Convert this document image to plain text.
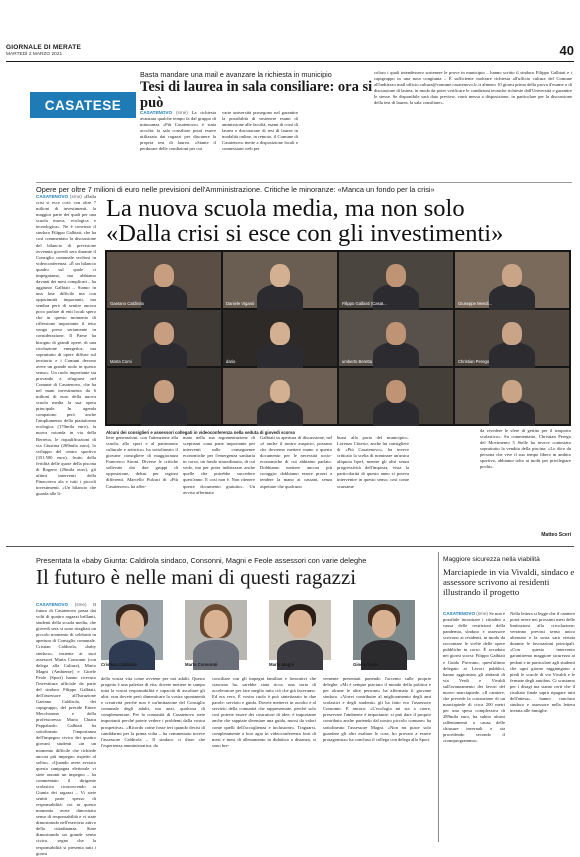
GIORNALE DI MERATE
MARTEDÌ 2 MARZO 2021	40
CASATESE
Basta mandare una mail e avanzare la richiesta in municipio
Tesi di laurea in sala consiliare: ora si può
CASATENOVO (sme) La richiesta avanzata qualche tempo fa dal gruppo di minoranza «Più Casatenovo» è stata accolta: la sala consiliare potrà essere utilizzata dai ragazzi per discutere la propria tesi di laurea. «Stante il perdurare delle condizioni per cui
varie università prosegono nel garantire la possibilità di sostenere esami di ammissione alle facoltà, esami di corsi di laurea e discussione di tesi di laurea in modalità online, in remoto, il Comune di Casatenovo mette a disposizione locali e connessioni web per
coloro i quali intendessero sostenere le prove in municipio – hanno scritto il sindaco Filippo Galbiati e i capigruppo in una nota congiunta – È sufficiente inoltrare richiesta all'ufficio cultura del Comune all'indirizzo mail ufficio.cultura@comune.casatenovo.lc.it almeno 10 giorni prima della prova d'esame o di discussione di laurea, in modo da poter verificare le condizioni tecniche richieste dall'Università e garantire le stesse. Se disponibile sarà dato preview, varrà messa a disposizione, in particolare per la discussione della tesi di laurea, la sala consiliare».
Opere per oltre 7 milioni di euro nelle previsioni dell'Amministrazione. Critiche le minoranze: «Manca un fondo per la crisi»
CASATENOVO (sme) «Dalla crisi si esce così: con oltre 7 milioni di investimenti, la maggior parte dei quali per una scuola nuova, ecologica e tecnologica». Ne è convinto il sindaco Filippo Galbiati, che ha così commentato la discussione del bilancio di previsione avvenuta giovedì sera durante il Consiglio comunale svoltosi in videoconferenza. «È un bilancio quadro sul quale ci impegniamo, ma abbiamo davanti dei mesi complicati – ha aggiunto Galbiati – Siamo in una fase difficile ma con opportunità importanti, ma sembra però di sentire ancora poco parlare di enti locali spero che in questo momento di riflessione importante il tetto venga preso seriamente in considerazione. Il Paese ha bisogno di grandi opere, di una rivoluzione energetica, ma soprattutto di opere diffuse sul territorio e i Comuni devono avere un grande ruolo in questo senso». Un ruolo importante sia provando a rifugiarsi nel Comune di Casatenovo, che ha nel mani investimento da 6 milioni di euro della nuova scuola media la sua opera principale. In agenda compaiono però anche l'ampliamento della piattaforma ecologica (170mila euro), la nuova rotonda in via della Berretta, le riqualificazioni di via Giustina (269mila euro), lo sviluppo del centro sportivo (351.500 euro), fruito della fertilità delle quote della piscina di Rogeno (20mila euro), gli ultimi interventi della Pinacoteca ala e tutti i piccoli investimenti. «Un bilancio che guarda alle li-
La nuova scuola media, ma non solo
«Dalla crisi si esce con gli investimenti»
Gaetano Caldirola	Daniele Viganò	Filippo Galbiati (Casat...	Giuseppe Mendi...
Marta Comi	dario	umberto Beretta	Christian Perego
Alcuni dei consiglieri e assessori collegati in videoconferenza nella seduta di giovedì scorso
liere generazioni, con l'attenzione alla scuola, allo sport e al patrimonio culturale e artistico» ha sottolineato il giovane consigliere di maggioranza Francesco Sironi. Diverse le critiche sollevate dai due gruppi di opposizione, delusi per ragioni differenti. Marcello Pulcari di «Più Casatenovo» ha affer-
mato nella sua argomentazione di sceptismi «una parte importante per interventi sulle conseguenze economiche per l'emergenza sanitaria in corso, un fondo straordinario, di cui vedo, ma per poter indirizzare anche quelle che potrebbe succedere quest'anno. E così non è. Non ritenere queste documento gratuito». Un avviso affermato
Galbiati in apertura di discussione, nel «è anche il nostro auspicio, possano che dovremo mettere mano a questo documento per le necessità socio-economiche di cui abbiamo parlato. Dobbiamo mettere ancora più coraggio: dobbiamo essere pronti a tendere la mano ai cassani, senza aspettare che qualcuno
bussi alla porta del municipio». Lorenzo Citterio, anche lui consigliere di «Più Casatenovo», ha invece criticato la scelta di nominare un'unica aliquota Irpef, mentre gli altri senza progressività dell'imposta, vista la particolarità di questo anno si poteva intervenire in questo senso, così come scarsame
da vivedere le sfere di gettito per il trasporto scolastico». Su commentatio, Christian Perego del Movimento 5 Stelle ha invece contestato soprattutto la vendita della piscina: «Lo dico da persona che vive il suo tempo libero in ambito sportivo, abbiamo tolto ai molti per privilegiare pochi».
Matteo Sceri
Presentata la «baby Giunta: Caldirola sindaco, Consonni, Magni e Feole assessori con varie deleghe
Il futuro è nelle mani di questi ragazzi
CASATENOVO (sme) Il futuro di Casatenovo passa dai volti di quattro ragazzi brillanti, studenti della scuola media, che giovedì sera si sono ritagliati un piccolo momento di celebrità in apertura di Consiglio comunale. Cristian Caldirola, «baby sindaco», insieme ai suoi assessori Marta Consonni (con delega alla Cultura), Mario Magni (Ambiente) e Gioele Feole (Sport) hanno ricevuto l'investitura ufficiale da parte del sindaco Filippo Galbiati, dell'assessore all'Istruzione Gaetano Caldirola, dei capigruppo, del preside Ettore Mecchionna e della professoressa Maria Chiara Pappalardo. Galbiati ha sottolineato l'importanza dell'impegno civico dei quattro giovani studenti «in un momento difficile che richiede ancora più impegno rispetto al solito». «Quando avete avviato questa campagna elettorale vi siete assunti un impegno – ha commentato il dirigente scolastico riconoscendo ai Giunta dei ragazzi – Vi siete sentiti parte spesso di responsabilità: voi in questo momento avete dimostrato senso di responsabilità e vi state dimostrando nell'esercizio attivo della cittadinanza. State dimostrando un grande senso civico, segno che la responsabilità si presenta tutti i giorni
Cristian Caldirola	Marta Consonni	Mario Magni	Gioele Feole
della vostra vita come avviene per noi adulti. Questo progetto è una palestra di vita, dovete mettere in campo tutta la vostra responsabilità e capacità di ascoltare gli altri: non dovete però dimenticare la vostra spontaneità e creatività perché non è un'imitazione del Consiglio comunale degli adulti, ma anzi, qualcosa di complementare. Per la comunità di Casatenovo siete importanti perché potete vedere i problemi dalla vostra prospettiva». «Ricordo come fosse ieri quando decisi di candidarmi per la prima volta – ha commentato invece l'assessore Caldirola – Il sindaco ci disse che l'esperienza amministrativa, da
conciliare con gli impegni familiari e lavorativi che ciascuno ha, sarebbe stata ricca, una sorta di acceleratore per fare meglio tutto ciò che già facevamo. Ed era vero. È vostro ruolo è può sintetizzato in due parole: servizio e guida. Dovete mettervi in ascolto e al servizio della comunità che rappresentate, perché solo così potrete essere dei costruttori di idee; è importante anche che sappiate diventare una guida, mossi da valori come quelli dell'accoglienza e inclusione». Traguarsi, completamente a loro agio in videoconferenza forti di mesi e mesi di allenamento in didattica a distanza, si sono bre-
vemente presentati ponendo l'accento sulle proprie deleghe. «Mi è sempre piaciuto il mondo della politica e per alcune le altre persone» ha affermato il giovane sindaco. «Vorrei contribuire al miglioramento degli ami scolastici e degli studenti» gli ha fatto eco l'assessore Consonni. E ancora: «L'ecologia mi sta a cuore, preservare l'ambiente è importante: si può dare il proprio contributo anche partendo dal nostro piccolo comune» ha sottolineato l'assessore Magni. «Non mi piace solo guardare gli altri esaltare le cose, ho provato a essere protagonista» ha concluso il collega con delega allo Sport.
Maggiore sicurezza nella viabilità
Marciapiede in via Vivaldi, sindaco e assessore scrivono ai residenti illustrando il progetto
CASATENOVO (sme) Se non è possibile incontrare i cittadini a causa delle restrizioni della pandemia, sindaco e assessore scrivono ai residenti, in modo da raccontare le scelte delle opere pubbliche in corso. È accaduto nei giorni scorsi: Filippo Galbiati e Guido Pirovano, quest'ultimo delegato ai Lavori pubblici, hanno aggiornato gli abitanti di via Verdi e Vivaldi sull'avanzamento dei lavori del nuovo marciapiede. «Il cantiere, che prevede la costruzione di un marciapiede di circa 200 metri per una spesa complessiva di 289mila euro, ha subito alcuni rallentamenti a causa delle chiusure invernali e sta procedendo secondo il cronoprogramma».
Nella lettera si legge che il cantiere potrà avere nei prossimi mesi delle limitazioni alla circolazione; verranno previsti senso unico alternato e la sosta sarà vietata durante le lavorazioni principali. «Con questo intervento garantiremo maggiore sicurezza ai pedoni e in particolare agli studenti che ogni giorno raggiungono a piedi le scuole di via Vivaldi e le fermate degli autobus. Ci scusiamo per i disagi ma siamo certi che il risultato finale saprà ripagare tutti dell'attesa», hanno concluso sindaco e assessore nella lettera inviata alle famiglie.
